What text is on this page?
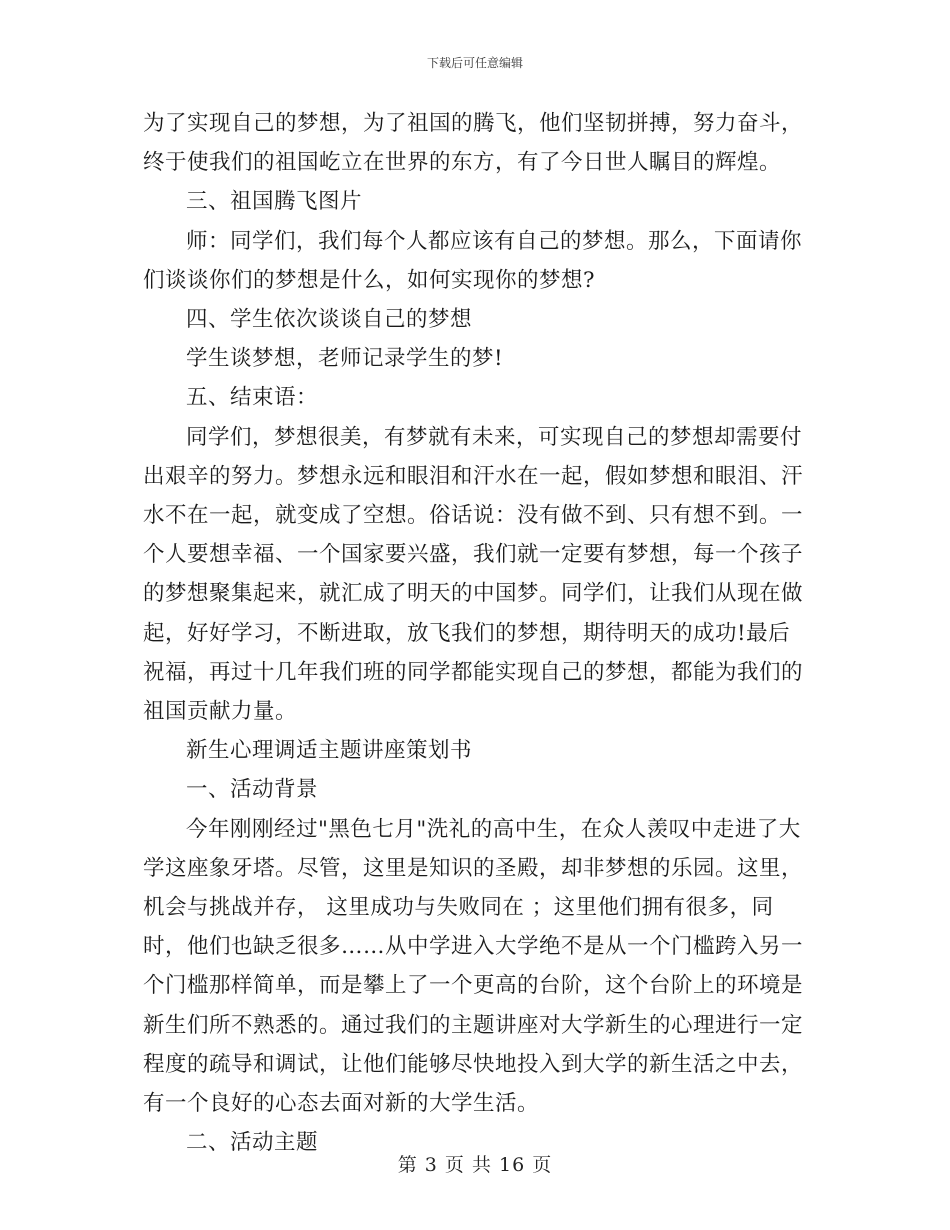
下载后可任意编辑

为了实现自己的梦想，为了祖国的腾飞，他们坚韧拼搏，努力奋斗，终于使我们的祖国屹立在世界的东方，有了今日世人瞩目的辉煌。

三、祖国腾飞图片

师：同学们，我们每个人都应该有自己的梦想。那么，下面请你们谈谈你们的梦想是什么，如何实现你的梦想?

四、学生依次谈谈自己的梦想

学生谈梦想，老师记录学生的梦!

五、结束语：

同学们，梦想很美，有梦就有未来，可实现自己的梦想却需要付出艰辛的努力。梦想永远和眼泪和汗水在一起，假如梦想和眼泪、汗水不在一起，就变成了空想。俗话说：没有做不到、只有想不到。一个人要想幸福、一个国家要兴盛，我们就一定要有梦想，每一个孩子的梦想聚集起来，就汇成了明天的中国梦。同学们，让我们从现在做起，好好学习，不断进取，放飞我们的梦想，期待明天的成功!最后祝福，再过十几年我们班的同学都能实现自己的梦想，都能为我们的祖国贡献力量。

新生心理调适主题讲座策划书

一、活动背景

今年刚刚经过"黑色七月"洗礼的高中生，在众人羡叹中走进了大学这座象牙塔。尽管，这里是知识的圣殿，却非梦想的乐园。这里，机会与挑战并存， 这里成功与失败同在 ；这里他们拥有很多，同时，他们也缺乏很多……从中学进入大学绝不是从一个门槛跨入另一个门槛那样简单，而是攀上了一个更高的台阶，这个台阶上的环境是新生们所不熟悉的。通过我们的主题讲座对大学新生的心理进行一定程度的疏导和调试，让他们能够尽快地投入到大学的新生活之中去，有一个良好的心态去面对新的大学生活。

二、活动主题

第 3 页 共 16 页
